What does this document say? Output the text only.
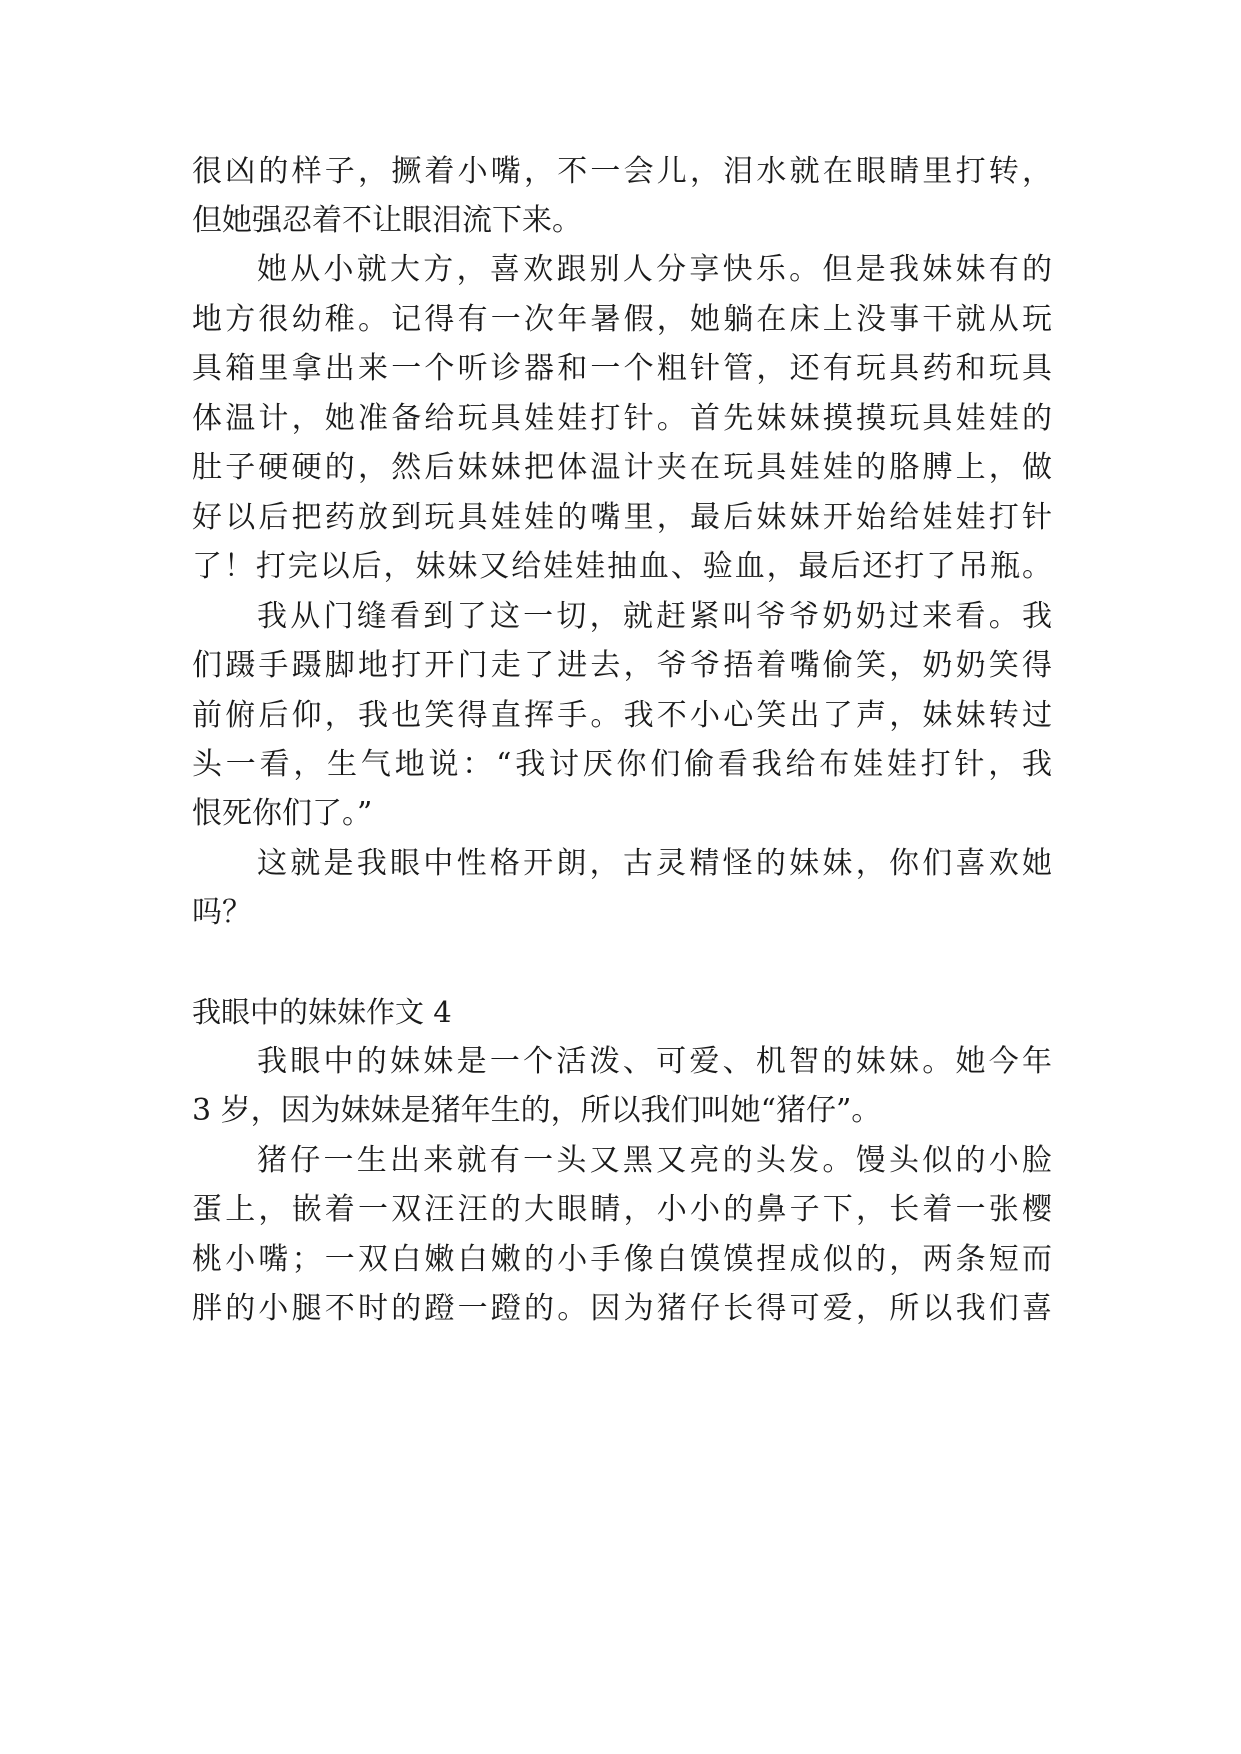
很凶的样子，撅着小嘴，不一会儿，泪水就在眼睛里打转，
但她强忍着不让眼泪流下来。
她从小就大方，喜欢跟别人分享快乐。但是我妹妹有的
地方很幼稚。记得有一次年暑假，她躺在床上没事干就从玩
具箱里拿出来一个听诊器和一个粗针管，还有玩具药和玩具
体温计，她准备给玩具娃娃打针。首先妹妹摸摸玩具娃娃的
肚子硬硬的，然后妹妹把体温计夹在玩具娃娃的胳膊上，做
好以后把药放到玩具娃娃的嘴里，最后妹妹开始给娃娃打针
了！打完以后，妹妹又给娃娃抽血、验血，最后还打了吊瓶。
我从门缝看到了这一切，就赶紧叫爷爷奶奶过来看。我
们蹑手蹑脚地打开门走了进去，爷爷捂着嘴偷笑，奶奶笑得
前俯后仰，我也笑得直挥手。我不小心笑出了声，妹妹转过
头一看，生气地说：“我讨厌你们偷看我给布娃娃打针，我
恨死你们了。”
这就是我眼中性格开朗，古灵精怪的妹妹，你们喜欢她
吗？
我眼中的妹妹作文 4
我眼中的妹妹是一个活泼、可爱、机智的妹妹。她今年
3 岁，因为妹妹是猪年生的，所以我们叫她“猪仔”。
猪仔一生出来就有一头又黑又亮的头发。馒头似的小脸
蛋上，嵌着一双汪汪的大眼睛，小小的鼻子下，长着一张樱
桃小嘴；一双白嫩白嫩的小手像白馍馍捏成似的，两条短而
胖的小腿不时的蹬一蹬的。因为猪仔长得可爱，所以我们喜
